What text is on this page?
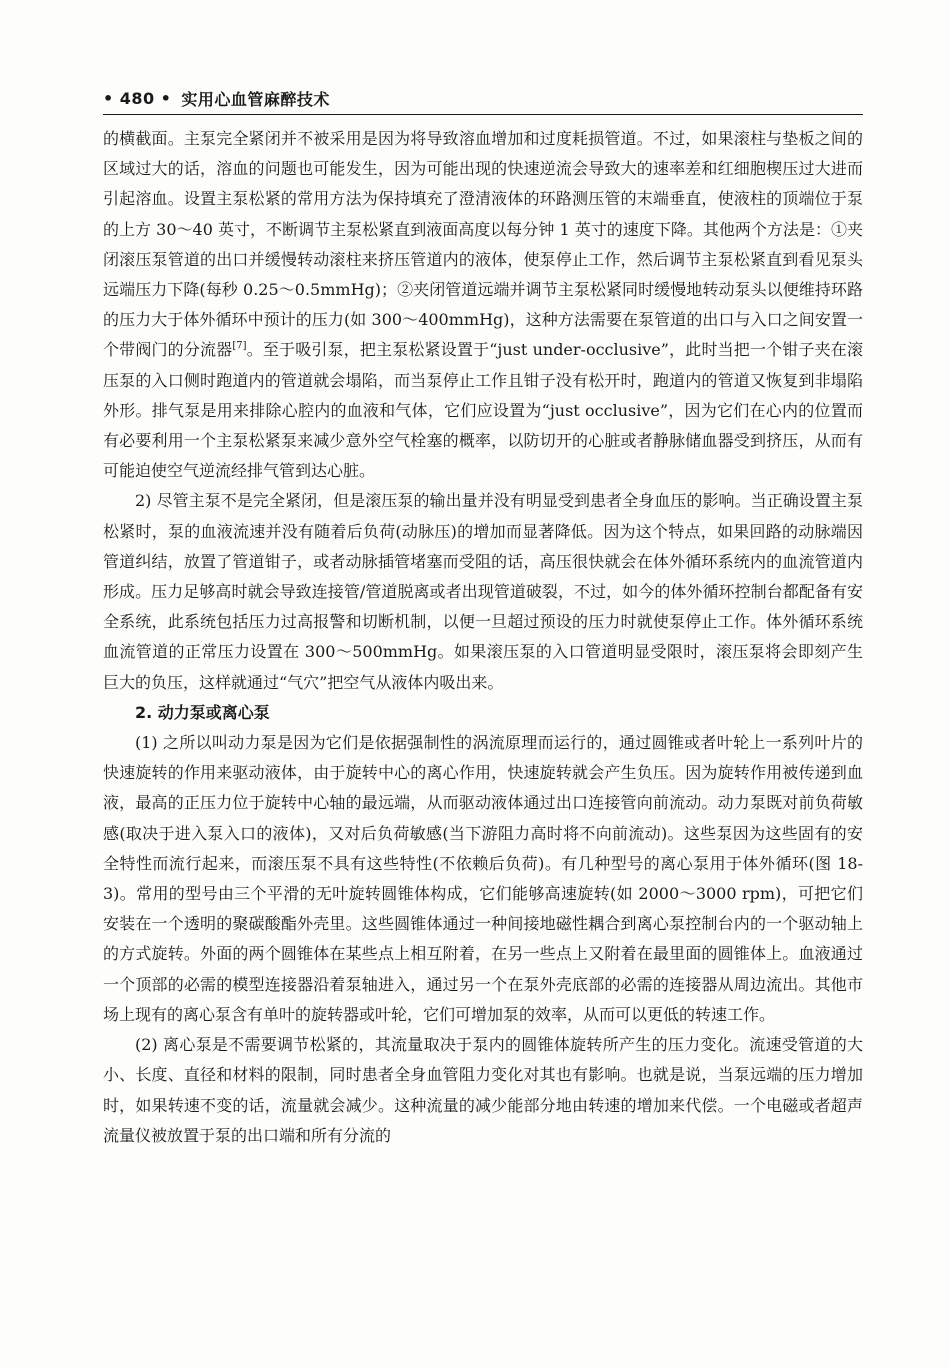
• 480 • 实用心血管麻醉技术

的横截面。主泵完全紧闭并不被采用是因为将导致溶血增加和过度耗损管道。不过，如果滚柱与垫板之间的区域过大的话，溶血的问题也可能发生，因为可能出现的快速逆流会导致大的速率差和红细胞楔压过大进而引起溶血。设置主泵松紧的常用方法为保持填充了澄清液体的环路测压管的末端垂直，使液柱的顶端位于泵的上方 30～40 英寸，不断调节主泵松紧直到液面高度以每分钟 1 英寸的速度下降。其他两个方法是：①夹闭滚压泵管道的出口并缓慢转动滚柱来挤压管道内的液体，使泵停止工作，然后调节主泵松紧直到看见泵头远端压力下降(每秒 0.25～0.5mmHg)；②夹闭管道远端并调节主泵松紧同时缓慢地转动泵头以便维持环路的压力大于体外循环中预计的压力(如 300～400mmHg)，这种方法需要在泵管道的出口与入口之间安置一个带阀门的分流器[7]。至于吸引泵，把主泵松紧设置于“just under-occlusive”，此时当把一个钳子夹在滚压泵的入口侧时跑道内的管道就会塌陷，而当泵停止工作且钳子没有松开时，跑道内的管道又恢复到非塌陷外形。排气泵是用来排除心腔内的血液和气体，它们应设置为“just occlusive”，因为它们在心内的位置而有必要利用一个主泵松紧泵来减少意外空气栓塞的概率，以防切开的心脏或者静脉储血器受到挤压，从而有可能迫使空气逆流经排气管到达心脏。

2) 尽管主泵不是完全紧闭，但是滚压泵的输出量并没有明显受到患者全身血压的影响。当正确设置主泵松紧时，泵的血液流速并没有随着后负荷(动脉压)的增加而显著降低。因为这个特点，如果回路的动脉端因管道纠结，放置了管道钳子，或者动脉插管堵塞而受阻的话，高压很快就会在体外循环系统内的血流管道内形成。压力足够高时就会导致连接管/管道脱离或者出现管道破裂，不过，如今的体外循环控制台都配备有安全系统，此系统包括压力过高报警和切断机制，以便一旦超过预设的压力时就使泵停止工作。体外循环系统血流管道的正常压力设置在 300～500mmHg。如果滚压泵的入口管道明显受限时，滚压泵将会即刻产生巨大的负压，这样就通过“气穴”把空气从液体内吸出来。

2. 动力泵或离心泵

(1) 之所以叫动力泵是因为它们是依据强制性的涡流原理而运行的，通过圆锥或者叶轮上一系列叶片的快速旋转的作用来驱动液体，由于旋转中心的离心作用，快速旋转就会产生负压。因为旋转作用被传递到血液，最高的正压力位于旋转中心轴的最远端，从而驱动液体通过出口连接管向前流动。动力泵既对前负荷敏感(取决于进入泵入口的液体)，又对后负荷敏感(当下游阻力高时将不向前流动)。这些泵因为这些固有的安全特性而流行起来，而滚压泵不具有这些特性(不依赖后负荷)。有几种型号的离心泵用于体外循环(图 18-3)。常用的型号由三个平滑的无叶旋转圆锥体构成，它们能够高速旋转(如 2000～3000 rpm)，可把它们安装在一个透明的聚碳酸酯外壳里。这些圆锥体通过一种间接地磁性耦合到离心泵控制台内的一个驱动轴上的方式旋转。外面的两个圆锥体在某些点上相互附着，在另一些点上又附着在最里面的圆锥体上。血液通过一个顶部的必需的模型连接器沿着泵轴进入，通过另一个在泵外壳底部的必需的连接器从周边流出。其他市场上现有的离心泵含有单叶的旋转器或叶轮，它们可增加泵的效率，从而可以更低的转速工作。

(2) 离心泵是不需要调节松紧的，其流量取决于泵内的圆锥体旋转所产生的压力变化。流速受管道的大小、长度、直径和材料的限制，同时患者全身血管阻力变化对其也有影响。也就是说，当泵远端的压力增加时，如果转速不变的话，流量就会减少。这种流量的减少能部分地由转速的增加来代偿。一个电磁或者超声流量仪被放置于泵的出口端和所有分流的
